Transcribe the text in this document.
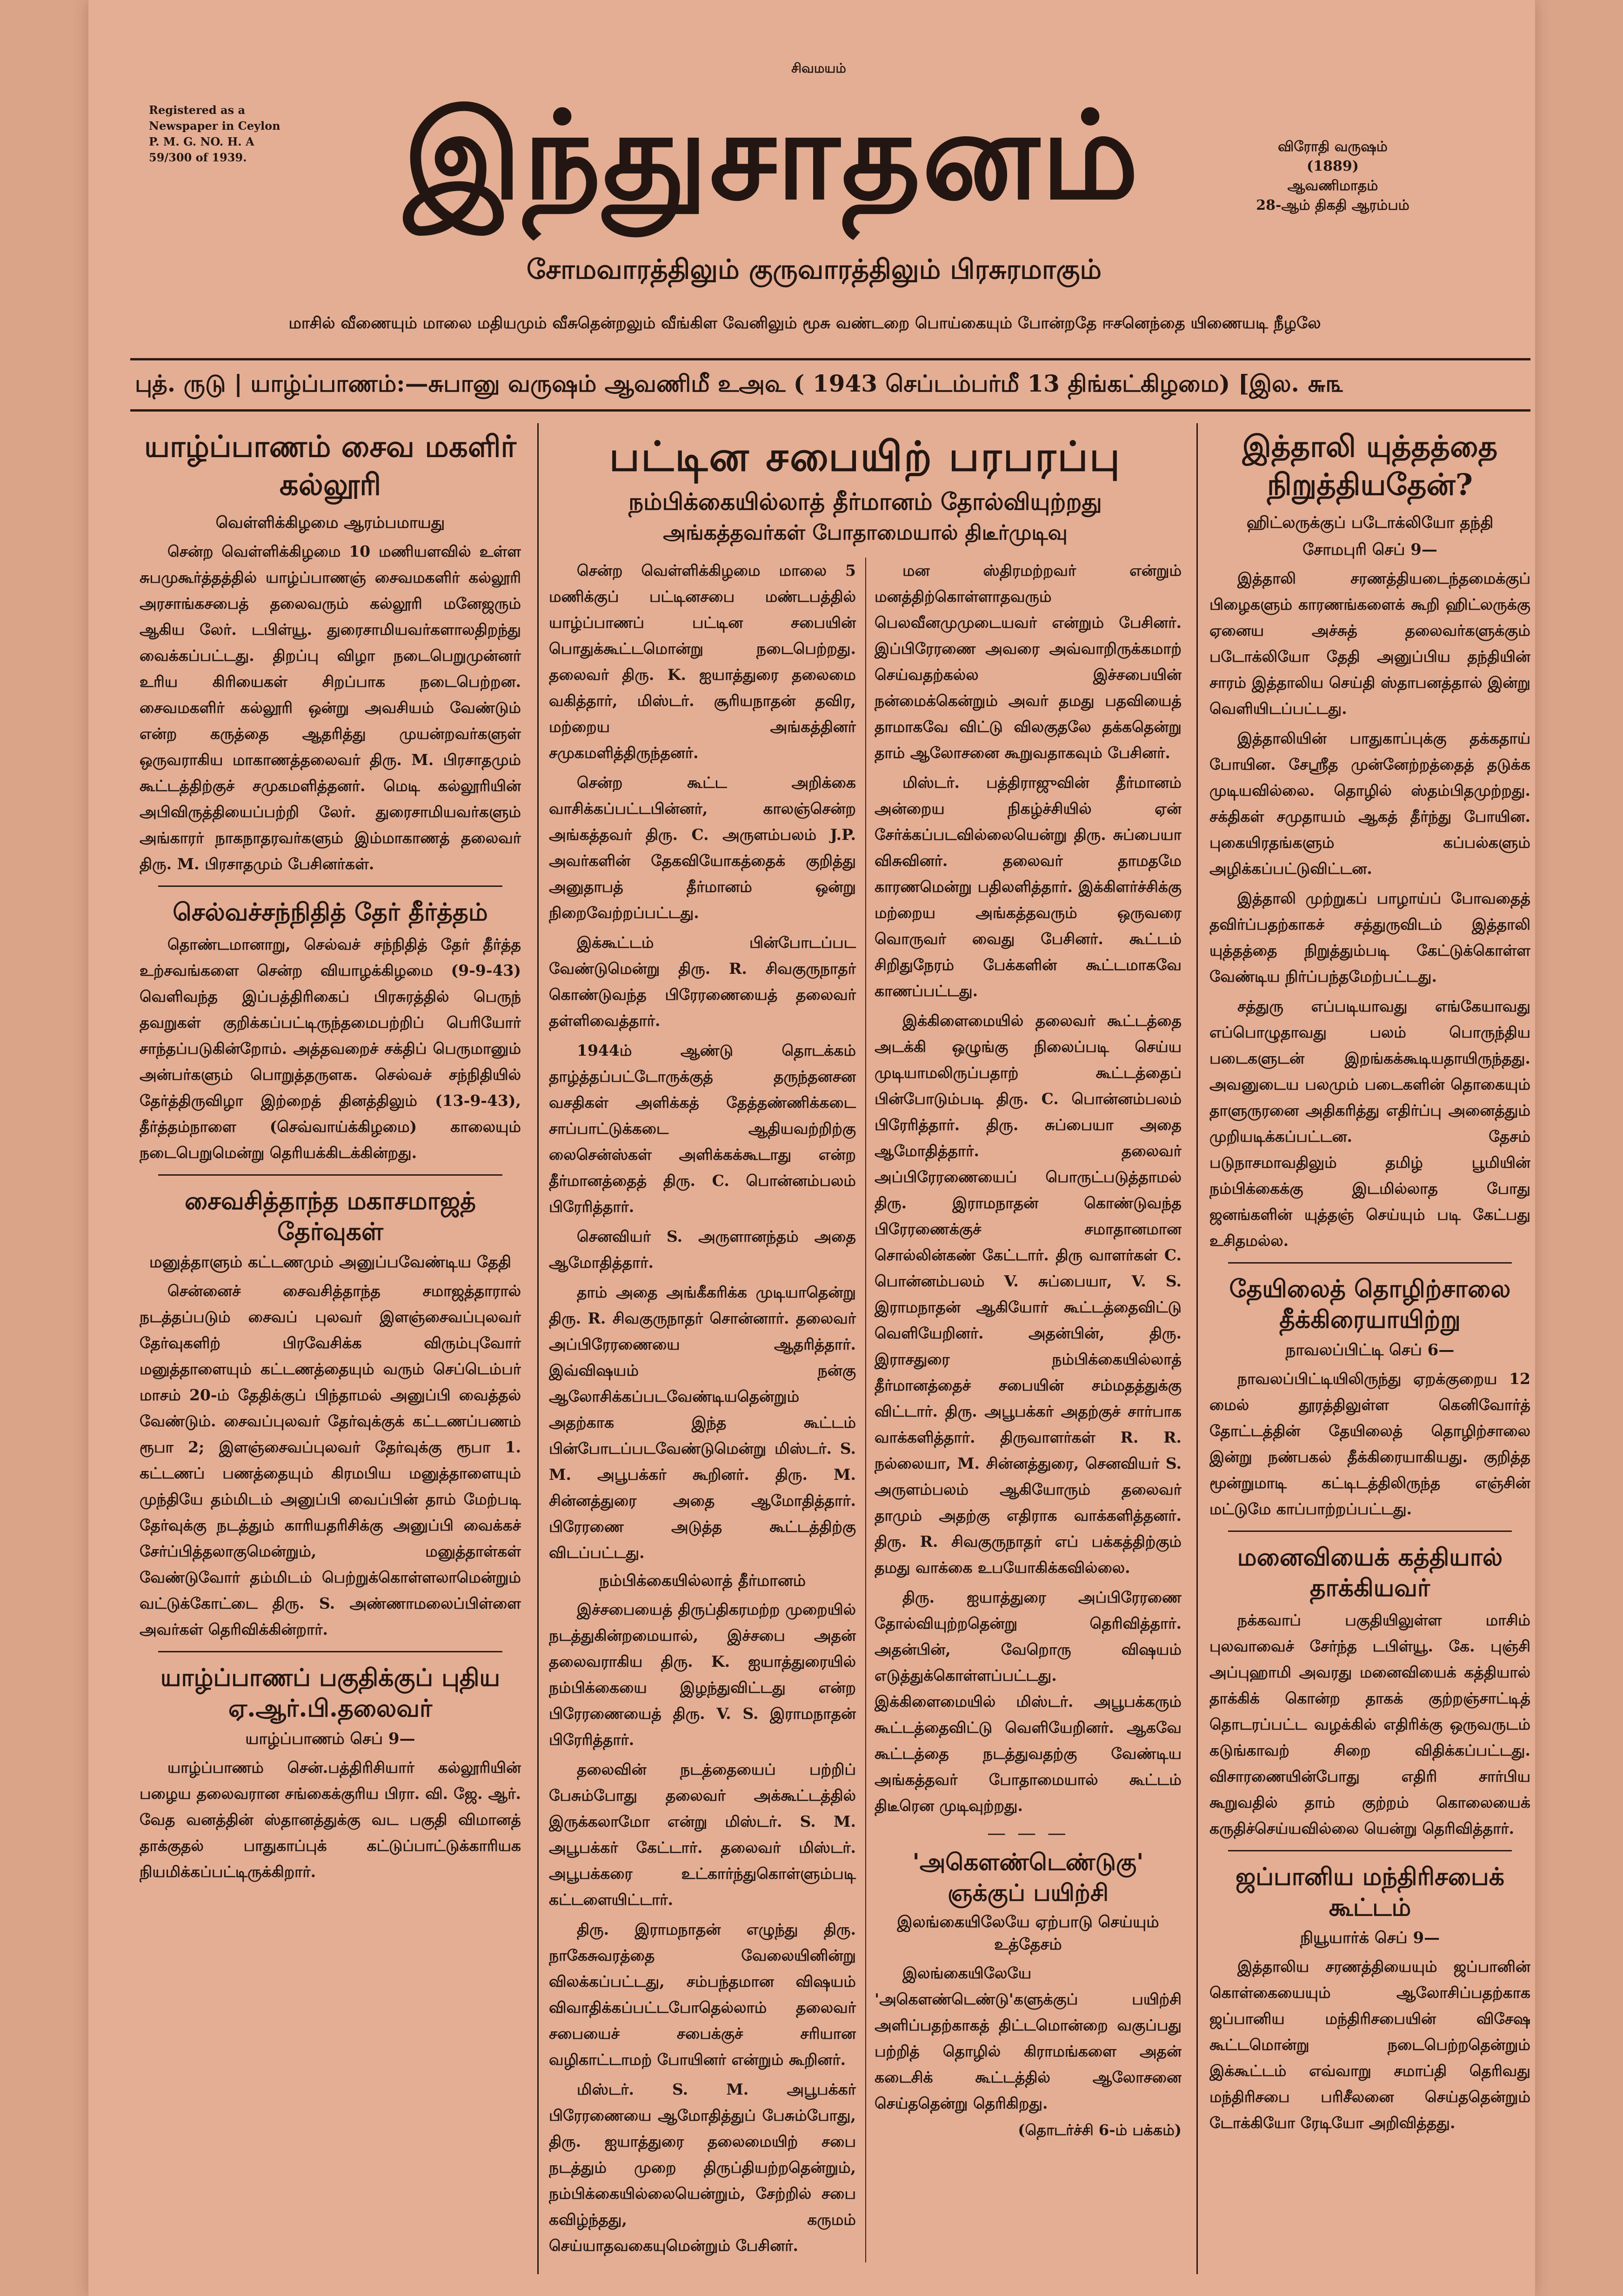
சிவமயம்
Registered as a Newspaper in Ceylon
P. M. G. NO. H. A
59/300 of 1939.	இந்துசாதனம்	விரோதி வருஷம்
(1889)
ஆவணிமாதம்
28-ஆம் திகதி ஆரம்பம்
சோமவாரத்திலும் குருவாரத்திலும் பிரசுரமாகும்
மாசில் வீணையும் மாலை மதியமும் வீசுதென்றலும் வீங்கிள வேனிலும் மூசு வண்டறை பொய்கையும் போன்றதே ஈசனெந்தை யிணையடி நீழலே
புத். ருடு | யாழ்ப்பாணம்:—சுபானு வருஷம் ஆவணிமீ உஅ௳ ( 1943 செப்டம்பர்மீ 13 திங்கட்கிழமை) [இல. ௬௩
யாழ்ப்பாணம் சைவ மகளிர் கல்லூரி
வெள்ளிக்கிழமை ஆரம்பமாயது

சென்ற வெள்ளிக்கிழமை 10 மணியளவில் உள்ள சுபமுகூர்த்தத்தில் யாழ்ப்பாணஞ் சைவமகளிர் கல்லூரி அரசாங்கசபைத் தலைவரும் கல்லூரி மனேஜரும் ஆகிய லேர். டபிள்யூ. துரைசாமியவர்களாலதிறந்து வைக்கப்பட்டது. திறப்பு விழா நடைபெறுமுன்னர் உரிய கிரியைகள் சிறப்பாக நடைபெற்றன. சைவமகளிர் கல்லூரி ஒன்று அவசியம் வேண்டும் என்ற கருத்தை ஆதரித்து முயன்றவர்களுள் ஒருவராகிய மாகாணத்தலைவர் திரு. M. பிரசாதமும் கூட்டத்திற்குச் சமுகமளித்தனர். மெடி கல்லூரியின் அபிவிருத்தியைப்பற்றி லேர். துரைசாமியவர்களும் அங்காரர் நாகநாதரவர்களும் இம்மாகாணத் தலைவர் திரு. M. பிரசாதமும் பேசினர்கள்.

செல்வச்சந்நிதித் தேர் தீர்த்தம்

தொண்டமானாறு, செல்வச் சந்நிதித் தேர் தீர்த்த உற்சவங்களை சென்ற வியாழக்கிழமை (9-9-43) வெளிவந்த இப்பத்திரிகைப் பிரசுரத்தில் பெருந் தவறுகள் குறிக்கப்பட்டிருந்தமைபற்றிப் பெரியோர் சாந்தப்படுகின்றோம். அத்தவறைச் சக்திப் பெருமானும் அன்பர்களும் பொறுத்தருளக. செல்வச் சந்நிதியில் தேர்த்திருவிழா இற்றைத் தினத்திலும் (13-9-43), தீர்த்தம்நாளை (செவ்வாய்க்கிழமை) காலையும் நடைபெறுமென்று தெரியக்கிடக்கின்றது.

சைவசித்தாந்த மகாசமாஜத் தேர்வுகள்
மனுத்தாளும் கட்டணமும் அனுப்பவேண்டிய தேதி

சென்னைச் சைவசித்தாந்த சமாஜத்தாரால் நடத்தப்படும் சைவப் புலவர் இளஞ்சைவப்புலவர் தேர்வுகளிற் பிரவேசிக்க விரும்புவோர் மனுத்தாளையும் கட்டணத்தையும் வரும் செப்டெம்பர் மாசம் 20-ம் தேதிக்குப் பிந்தாமல் அனுப்பி வைத்தல் வேண்டும். சைவப்புலவர் தேர்வுக்குக் கட்டணப்பணம் ரூபா 2; இளஞ்சைவப்புலவர் தேர்வுக்கு ரூபா 1. கட்டணப் பணத்தையும் கிரமபிய மனுத்தாளையும் முந்தியே தம்மிடம் அனுப்பி வைப்பின் தாம் மேற்படி தேர்வுக்கு நடத்தும் காரியதரிசிக்கு அனுப்பி வைக்கச் சேர்ப்பித்தலாகுமென்றும், மனுத்தாள்கள் வேண்டுவோர் தம்மிடம் பெற்றுக்கொள்ளலாமென்றும் வட்டுக்கோட்டை திரு. S. அண்ணாமலைப்பிள்ளை அவர்கள் தெரிவிக்கின்றார்.

யாழ்ப்பாணப் பகுதிக்குப் புதிய ஏ.ஆர்.பி.தலைவர்
யாழ்ப்பாணம் செப் 9—

யாழ்ப்பாணம் சென்.பத்திரிசியார் கல்லூரியின் பழைய தலைவரான சங்கைக்குரிய பிரா. வி. ஜே. ஆர். வேத வனத்தின் ஸ்தானத்துக்கு வட பகுதி விமானத் தாக்குதல் பாதுகாப்புக் கட்டுப்பாட்டுக்காரியக நியமிக்கப்பட்டிருக்கிறார்.

பட்டின சபையிற் பரபரப்பு
நம்பிக்கையில்லாத் தீர்மானம் தோல்வியுற்றது
அங்கத்தவர்கள் போதாமையால் திடீர்முடிவு

சென்ற வெள்ளிக்கிழமை மாலை 5 மணிக்குப் பட்டினசபை மண்டபத்தில் யாழ்ப்பாணப் பட்டின சபையின் பொதுக்கூட்டமொன்று நடைபெற்றது. தலைவர் திரு. K. ஐயாத்துரை தலைமை வகித்தார், மிஸ்டர். சூரியநாதன் தவிர, மற்றைய அங்கத்தினர் சமுகமளித்திருந்தனர்.

சென்ற கூட்ட அறிக்கை வாசிக்கப்பட்டபின்னர், காலஞ்சென்ற அங்கத்தவர் திரு. C. அருளம்பலம் J.P. அவர்களின் தேகவியோகத்தைக் குறித்து அனுதாபத் தீர்மானம் ஒன்று நிறைவேற்றப்பட்டது.

இக்கூட்டம் பின்போடப்பட வேண்டுமென்று திரு. R. சிவகுருநாதர் கொண்டுவந்த பிரேரணையைத் தலைவர் தள்ளிவைத்தார்.

1944ம் ஆண்டு தொடக்கம் தாழ்த்தப்பட்டோருக்குத் தருந்தனசன வசதிகள் அளிக்கத் தேத்தண்ணிக்கடை சாப்பாட்டுக்கடை ஆதியவற்றிற்கு லைசென்ஸ்கள் அளிக்கக்கூடாது என்ற தீர்மானத்தைத் திரு. C. பொன்னம்பலம் பிரேரித்தார்.

செனவியர் S. அருளானந்தம் அதை ஆமோதித்தார்.

தாம் அதை அங்கீகரிக்க முடியாதென்று திரு. R. சிவகுருநாதர் சொன்னார். தலைவர் அப்பிரேரணையை ஆதரித்தார். இவ்விஷயம் நன்கு ஆலோசிக்கப்படவேண்டியதென்றும் அதற்காக இந்த கூட்டம் பின்போடப்படவேண்டுமென்று மிஸ்டர். S. M. அபூபக்கர் கூறினர். திரு. M. சின்னத்துரை அதை ஆமோதித்தார். பிரேரணை அடுத்த கூட்டத்திற்கு விடப்பட்டது.

நம்பிக்கையில்லாத் தீர்மானம்

இச்சபையைத் திருப்திகரமற்ற முறையில் நடத்துகின்றமையால், இச்சபை அதன் தலைவராகிய திரு. K. ஐயாத்துரையில் நம்பிக்கையை இழந்துவிட்டது என்ற பிரேரணையைத் திரு. V. S. இராமநாதன் பிரேரித்தார்.

தலைவின் நடத்தையைப் பற்றிப் பேசும்போது தலைவர் அக்கூட்டத்தில் இருக்கலாமோ என்று மிஸ்டர். S. M. அபூபக்கர் கேட்டார். தலைவர் மிஸ்டர். அபூபக்கரை உட்கார்ந்துகொள்ளும்படி கட்டளையிட்டார்.

திரு. இராமநாதன் எழுந்து திரு. நாகேசுவரத்தை வேலையினின்று விலக்கப்பட்டது, சம்பந்தமான விஷயம் விவாதிக்கப்பட்டபோதெல்லாம் தலைவர் சபையைச் சபைக்குச் சரியான வழிகாட்டாமற் போயினர் என்றும் கூறினர்.

மிஸ்டர். S. M. அபூபக்கர் பிரேரணையை ஆமோதித்துப் பேசும்போது, திரு. ஐயாத்துரை தலைமையிற் சபை நடத்தும் முறை திருப்தியற்றதென்றும், நம்பிக்கையில்லையென்றும், சேற்றில் சபை கவிழ்ந்தது, கருமம் செய்யாதவகையுமென்றும் பேசினர்.

மன ஸ்திரமற்றவர் என்றும் மனத்திற்கொள்ளாதவரும் பெலவீனமுமுடையவர் என்றும் பேசினர். இப்பிரேரணை அவரை அவ்வாறிருக்கமாற் செய்வதற்கல்ல இச்சபையின் நன்மைக்கென்றும் அவர் தமது பதவியைத் தாமாகவே விட்டு விலகுதலே தக்கதென்று தாம் ஆலோசனை கூறுவதாகவும் பேசினர்.

மிஸ்டர். பத்திராஜுவின் தீர்மானம் அன்றைய நிகழ்ச்சியில் ஏன் சேர்க்கப்படவில்லையென்று திரு. சுப்பையா விசுவினர். தலைவர் தாமதமே காரணமென்று பதிலளித்தார். இக்கிளர்ச்சிக்கு மற்றைய அங்கத்தவரும் ஒருவரை வொருவர் வைது பேசினர். கூட்டம் சிறிதுநேரம் பேக்களின் கூட்டமாகவே காணப்பட்டது.

இக்கிளைமையில் தலைவர் கூட்டத்தை அடக்கி ஒழுங்கு நிலைப்படி செய்ய முடியாமலிருப்பதாற் கூட்டத்தைப் பின்போடும்படி திரு. C. பொன்னம்பலம் பிரேரித்தார். திரு. சுப்பையா அதை ஆமோதித்தார். தலைவர் அப்பிரேரணையைப் பொருட்படுத்தாமல் திரு. இராமநாதன் கொண்டுவந்த பிரேரணைக்குச் சமாதானமான சொல்லின்கண் கேட்டார். திரு வாளர்கள் C. பொன்னம்பலம் V. சுப்பையா, V. S. இராமநாதன் ஆகியோர் கூட்டத்தைவிட்டு வெளியேறினர். அதன்பின், திரு. இராசதுரை நம்பிக்கையில்லாத் தீர்மானத்தைச் சபையின் சம்மதத்துக்கு விட்டார். திரு. அபூபக்கர் அதற்குச் சார்பாக வாக்களித்தார். திருவாளர்கள் R. R. நல்லையா, M. சின்னத்துரை, செனவியர் S. அருளம்பலம் ஆகியோரும் தலைவர் தாமும் அதற்கு எதிராக வாக்களித்தனர். திரு. R. சிவகுருநாதர் எப் பக்கத்திற்கும் தமது வாக்கை உபயோகிக்கவில்லை.

திரு. ஐயாத்துரை அப்பிரேரணை தோல்வியுற்றதென்று தெரிவித்தார். அதன்பின், வேறொரு விஷயம் எடுத்துக்கொள்ளப்பட்டது. இக்கிளைமையில் மிஸ்டர். அபூபக்கரும் கூட்டத்தைவிட்டு வெளியேறினர். ஆகவே கூட்டத்தை நடத்துவதற்கு வேண்டிய அங்கத்தவர் போதாமையால் கூட்டம் திடீரென முடிவுற்றது.

— — —
'அகௌண்டெண்டுகு' ஞக்குப் பயிற்சி
இலங்கையிலேயே ஏற்பாடு செய்யும் உத்தேசம்

இலங்கையிலேயே 'அகௌண்டெண்டு'களுக்குப் பயிற்சி அளிப்பதற்காகத் திட்டமொன்றை வகுப்பது பற்றித் தொழில் கிராமங்களை அதன் கடைசிக் கூட்டத்தில் ஆலோசனை செய்ததென்று தெரிகிறது.

(தொடர்ச்சி 6-ம் பக்கம்)
இத்தாலி யுத்தத்தை நிறுத்தியதேன்?
ஹிட்லருக்குப் படோக்லியோ தந்தி
சோமபுரி செப் 9—

இத்தாலி சரணத்தியடைந்தமைக்குப் பிழைகளும் காரணங்களைக் கூறி ஹிட்லருக்கு ஏனைய அச்சுத் தலைவர்களுக்கும் படோக்லியோ தேதி அனுப்பிய தந்தியின் சாரம் இத்தாலிய செய்தி ஸ்தாபனத்தால் இன்று வெளியிடப்பட்டது.

இத்தாலியின் பாதுகாப்புக்கு தக்கதாய் போயின. சேஸ்ரீத முன்னேற்றத்தைத் தடுக்க முடியவில்லை. தொழில் ஸ்தம்பிதமுற்றது. சக்திகள் சமுதாயம் ஆகத் தீர்ந்து போயின. புகையிரதங்களும் கப்பல்களும் அழிக்கப்பட்டுவிட்டன.

இத்தாலி முற்றுகப் பாழாய்ப் போவதைத் தவிர்ப்பதற்காகச் சத்துருவிடம் இத்தாலி யுத்தத்தை நிறுத்தும்படி கேட்டுக்கொள்ள வேண்டிய நிர்ப்பந்தமேற்பட்டது.

சத்துரு எப்படியாவது எங்கேயாவது எப்பொழுதாவது பலம் பொருந்திய படைகளுடன் இறங்கக்கூடியதாயிருந்தது. அவனுடைய பலமும் படைகளின் தொகையும் தாளுருரனை அதிகரித்து எதிர்ப்பு அனைத்தும் முறியடிக்கப்பட்டன. தேசம் படுநாசமாவதிலும் தமிழ் பூமியின் நம்பிக்கைக்கு இடமில்லாத போது ஜனங்களின் யுத்தஞ் செய்யும் படி கேட்பது உசிதமல்ல.

தேயிலைத் தொழிற்சாலை தீக்கிரையாயிற்று
நாவலப்பிட்டி செப் 6—

நாவலப்பிட்டியிலிருந்து ஏறக்குறைய 12 மைல் தூரத்திலுள்ள கெனிவோர்த் தோட்டத்தின் தேயிலைத் தொழிற்சாலை இன்று நண்பகல் தீக்கிரையாகியது. குறித்த மூன்றுமாடி கட்டிடத்திலிருந்த எஞ்சின் மட்டுமே காப்பாற்றப்பட்டது.

மனைவியைக் கத்தியால் தாக்கியவர்

நக்கவாப் பகுதியிலுள்ள மாசிம் புலவாவைச் சேர்ந்த டபிள்யூ. கே. புஞ்சி அப்புஹாமி அவரது மனைவியைக் கத்தியால் தாக்கிக் கொன்ற தாகக் குற்றஞ்சாட்டித் தொடரப்பட்ட வழக்கில் எதிரிக்கு ஒருவருடம் கடுங்காவற் சிறை விதிக்கப்பட்டது. விசாரணையின்போது எதிரி சார்பிய கூறுவதில் தாம் குற்றம் கொலையைக் கருதிச்செய்யவில்லை யென்று தெரிவித்தார்.

ஜப்பானிய மந்திரிசபைக் கூட்டம்
நியூயார்க் செப் 9—

இத்தாலிய சரணத்தியையும் ஜப்பானின் கொள்கையையும் ஆலோசிப்பதற்காக ஜப்பானிய மந்திரிசபையின் விசேஷ கூட்டமொன்று நடைபெற்றதென்றும் இக்கூட்டம் எவ்வாறு சமாப்தி தெரிவது மந்திரிசபை பரிசீலனை செய்ததென்றும் டோக்கியோ ரேடியோ அறிவித்தது.
